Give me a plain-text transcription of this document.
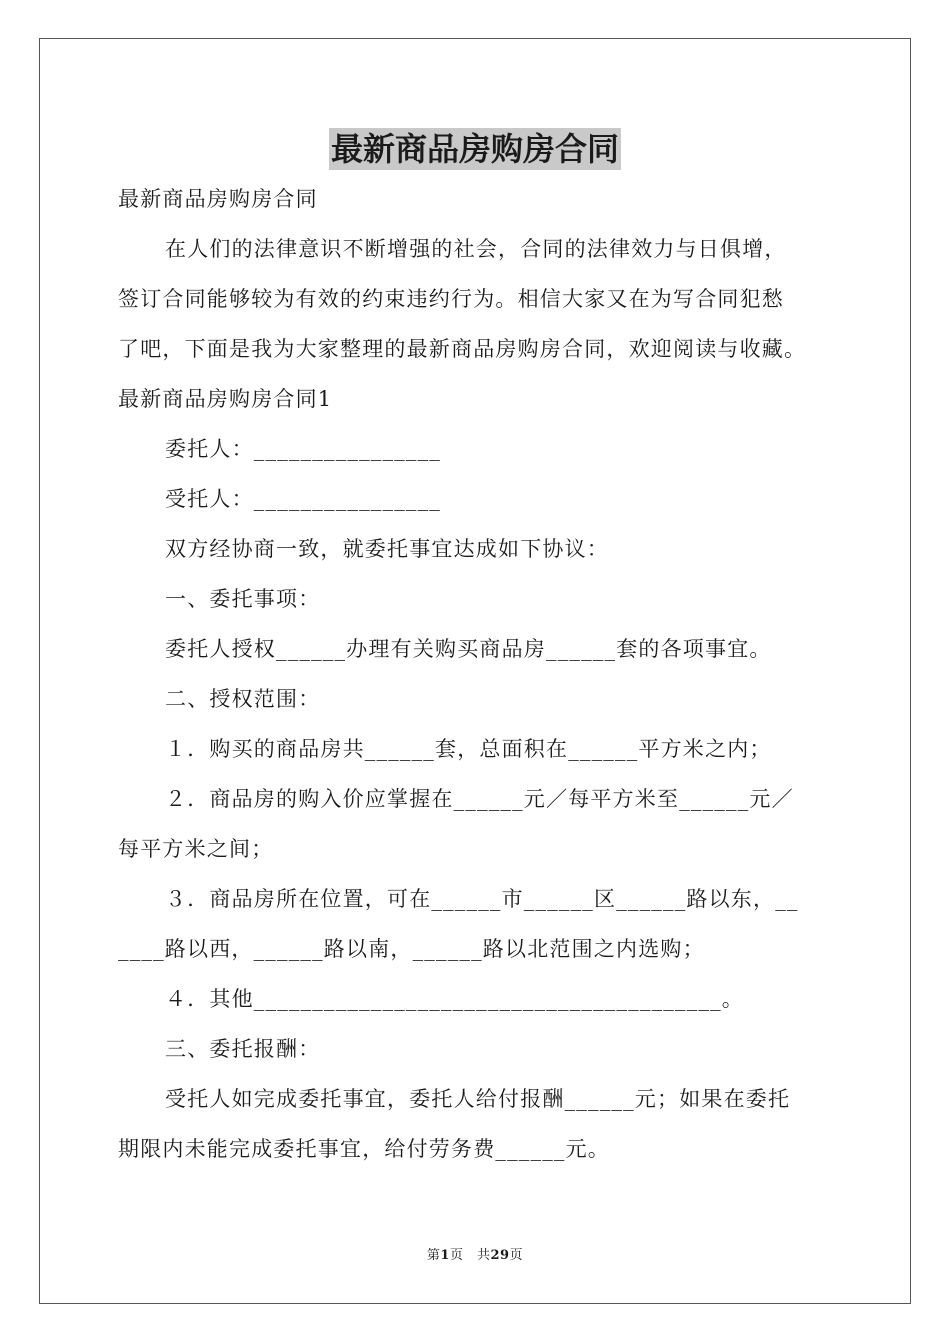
最新商品房购房合同
最新商品房购房合同
在人们的法律意识不断增强的社会，合同的法律效力与日俱增，
签订合同能够较为有效的约束违约行为。相信大家又在为写合同犯愁
了吧，下面是我为大家整理的最新商品房购房合同，欢迎阅读与收藏。
最新商品房购房合同1
委托人：________________
受托人：________________
双方经协商一致，就委托事宜达成如下协议：
一、委托事项：
委托人授权______办理有关购买商品房______套的各项事宜。
二、授权范围：
１．购买的商品房共______套，总面积在______平方米之内；
２．商品房的购入价应掌握在______元／每平方米至______元／
每平方米之间；
３．商品房所在位置，可在______市______区______路以东，__
____路以西，______路以南，______路以北范围之内选购；
４．其他________________________________________。
三、委托报酬：
受托人如完成委托事宜，委托人给付报酬______元；如果在委托
期限内未能完成委托事宜，给付劳务费______元。
第1页　共29页
